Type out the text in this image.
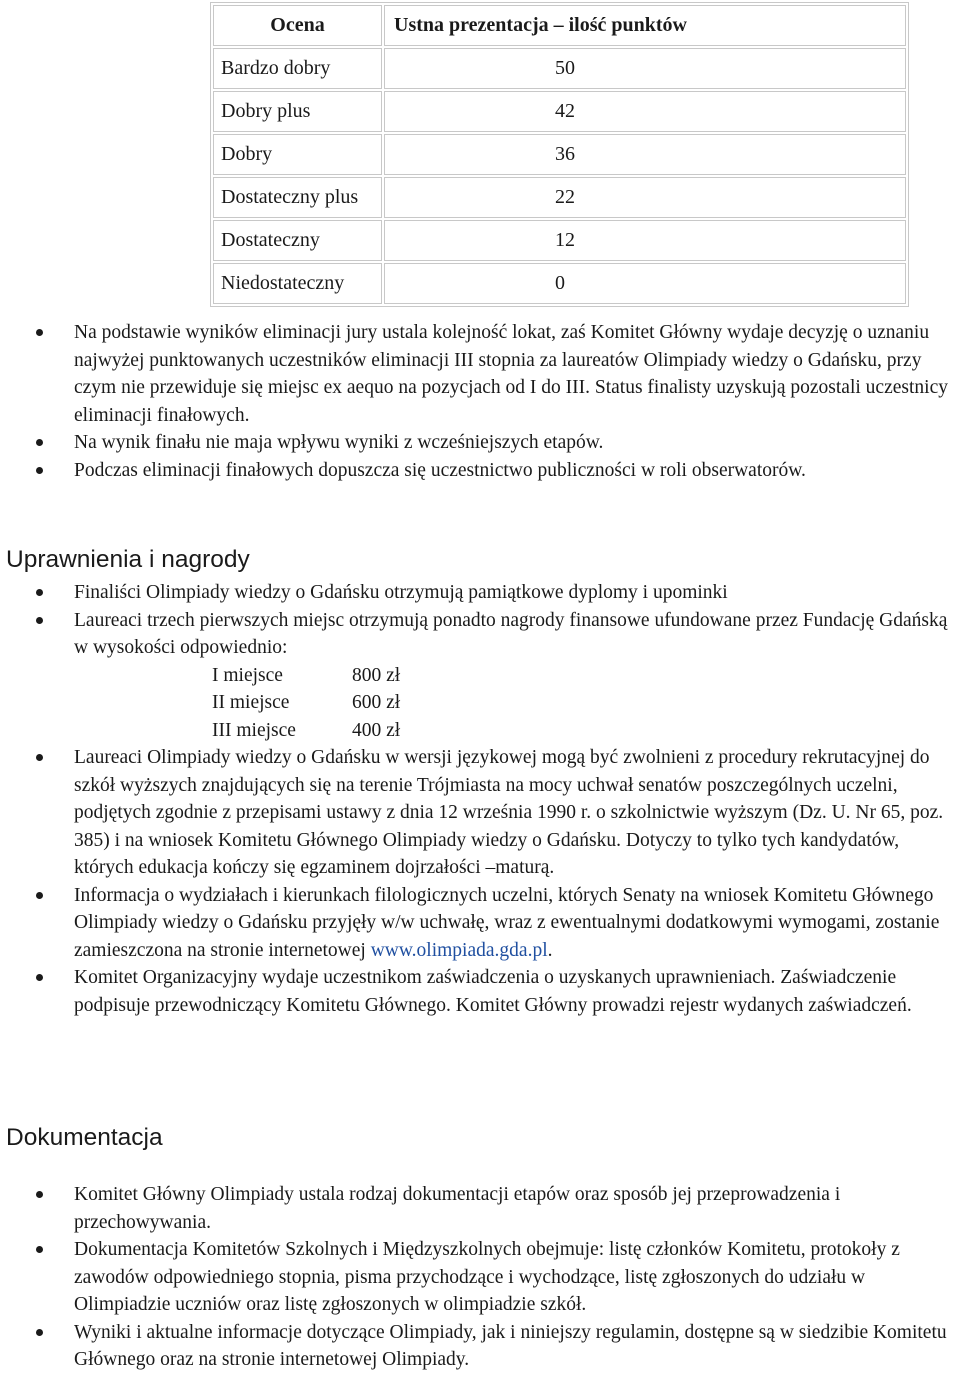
Ocena	Ustna prezentacja – ilość punktów
Bardzo dobry	50
Dobry plus	42
Dobry	36
Dostateczny plus	22
Dostateczny	12
Niedostateczny	0
Na podstawie wyników eliminacji jury ustala kolejność lokat, zaś Komitet Główny wydaje decyzję o uznaniu najwyżej punktowanych uczestników eliminacji III stopnia za laureatów Olimpiady wiedzy o Gdańsku, przy czym nie przewiduje się miejsc ex aequo na pozycjach od I do III. Status finalisty uzyskują pozostali uczestnicy eliminacji finałowych.
Na wynik finału nie maja wpływu wyniki z wcześniejszych etapów.
Podczas eliminacji finałowych dopuszcza się uczestnictwo publiczności w roli obserwatorów.
Uprawnienia i nagrody
Finaliści Olimpiady wiedzy o Gdańsku otrzymują pamiątkowe dyplomy i upominki
Laureaci trzech pierwszych miejsc otrzymują ponadto nagrody finansowe ufundowane przez Fundację Gdańską w wysokości odpowiednio:
I miejsce	800 zł
II miejsce	600 zł
III miejsce	400 zł
Laureaci Olimpiady wiedzy o Gdańsku w wersji językowej mogą być zwolnieni z procedury rekrutacyjnej do szkół wyższych znajdujących się na terenie Trójmiasta na mocy uchwał senatów poszczególnych uczelni, podjętych zgodnie z przepisami ustawy z dnia 12 września 1990 r. o szkolnictwie wyższym (Dz. U. Nr 65, poz. 385) i na wniosek Komitetu Głównego Olimpiady wiedzy o Gdańsku. Dotyczy to tylko tych kandydatów, których edukacja kończy się egzaminem dojrzałości –maturą.
Informacja o wydziałach i kierunkach filologicznych uczelni, których Senaty na wniosek Komitetu Głównego Olimpiady wiedzy o Gdańsku przyjęły w/w uchwałę, wraz z ewentualnymi dodatkowymi wymogami, zostanie zamieszczona na stronie internetowej www.olimpiada.gda.pl.
Komitet Organizacyjny wydaje uczestnikom zaświadczenia o uzyskanych uprawnieniach. Zaświadczenie podpisuje przewodniczący Komitetu Głównego. Komitet Główny prowadzi rejestr wydanych zaświadczeń.
Dokumentacja
Komitet Główny Olimpiady ustala rodzaj dokumentacji etapów oraz sposób jej przeprowadzenia i przechowywania.
Dokumentacja Komitetów Szkolnych i Międzyszkolnych obejmuje: listę członków Komitetu, protokoły z zawodów odpowiedniego stopnia, pisma przychodzące i wychodzące, listę zgłoszonych do udziału w Olimpiadzie uczniów oraz listę zgłoszonych w olimpiadzie szkół.
Wyniki i aktualne informacje dotyczące Olimpiady, jak i niniejszy regulamin, dostępne są w siedzibie Komitetu Głównego oraz na stronie internetowej Olimpiady.
